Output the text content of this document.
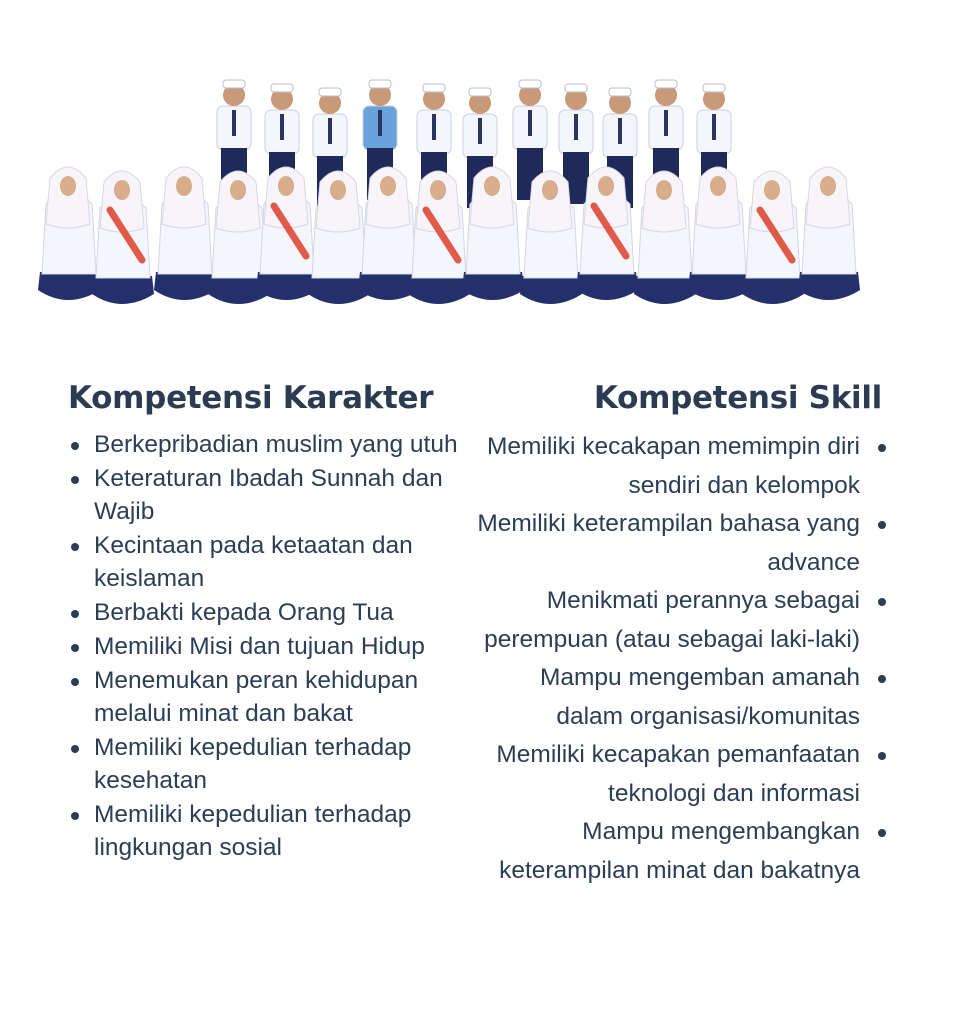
Kompetensi Karakter
Berkepribadian muslim yang utuh
Keteraturan Ibadah Sunnah dan Wajib
Kecintaan pada ketaatan dan keislaman
Berbakti kepada Orang Tua
Memiliki Misi dan tujuan Hidup
Menemukan peran kehidupan melalui minat dan bakat
Memiliki kepedulian terhadap kesehatan
Memiliki kepedulian terhadap lingkungan sosial
Kompetensi Skill
Memiliki kecakapan memimpin diri sendiri dan kelompok
Memiliki keterampilan bahasa yang advance
Menikmati perannya sebagai perempuan (atau sebagai laki-laki)
Mampu mengemban amanah dalam organisasi/komunitas
Memiliki kecapakan pemanfaatan teknologi dan informasi
Mampu mengembangkan keterampilan minat dan bakatnya
